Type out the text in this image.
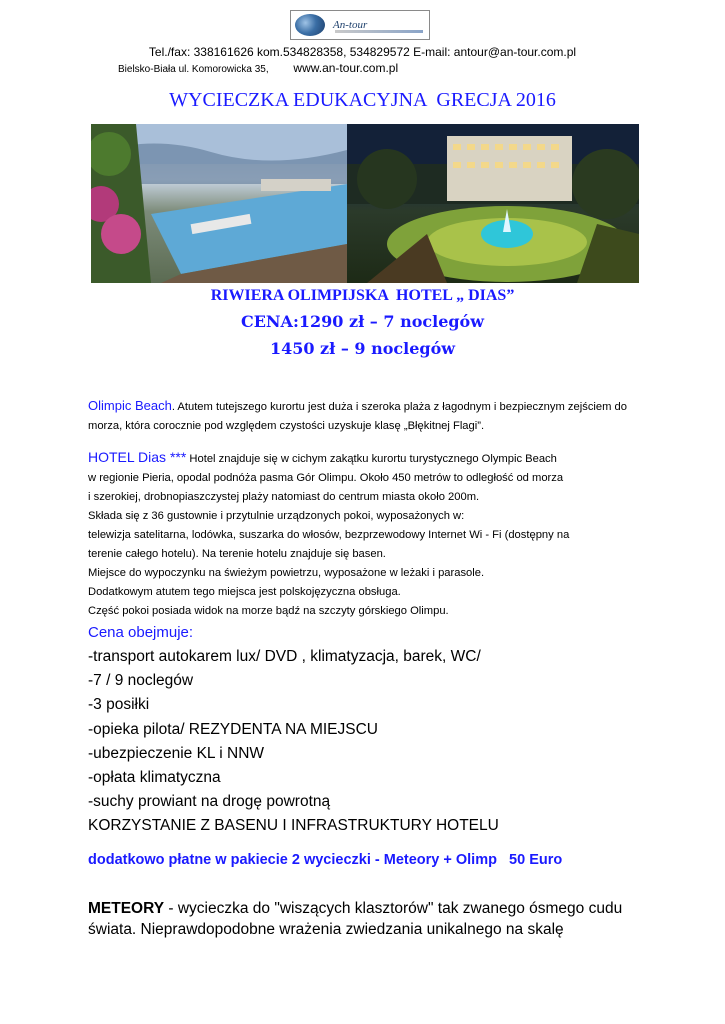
An-tour
Tel./fax: 338161626 kom.534828358, 534829572 E-mail: antour@an-tour.com.pl
Bielsko-Biała ul. Komorowicka 35, www.an-tour.com.pl
WYCIECZKA EDUKACYJNA  GRECJA 2016
RIWIERA OLIMPIJSKA  HOTEL „ DIAS”
CENA:1290 zł – 7 noclegów
1450 zł – 9 noclegów
Olimpic Beach. Atutem tutejszego kurortu jest duża i szeroka plaża z łagodnym i bezpiecznym zejściem do morza, która corocznie pod względem czystości uzyskuje klasę „Błękitnej Flagi”.

HOTEL Dias *** Hotel znajduje się w cichym zakątku kurortu turystycznego Olympic Beach

w regionie Pieria, opodal podnóża pasma Gór Olimpu. Około 450 metrów to odległość od morza

i szerokiej, drobnopiaszczystej plaży natomiast do centrum miasta około 200m.

Składa się z 36 gustownie i przytulnie urządzonych pokoi, wyposażonych w:

telewizja satelitarna, lodówka, suszarka do włosów, bezprzewodowy Internet Wi - Fi (dostępny na

terenie całego hotelu). Na terenie hotelu znajduje się basen.

Miejsce do wypoczynku na świeżym powietrzu, wyposażone w leżaki i parasole.

Dodatkowym atutem tego miejsca jest polskojęzyczna obsługa.

Część pokoi posiada widok na morze bądź na szczyty górskiego Olimpu.

Cena obejmuje:
-transport autokarem lux/ DVD , klimatyzacja, barek, WC/
-7 / 9 noclegów
-3 posiłki
-opieka pilota/ REZYDENTA NA MIEJSCU
-ubezpieczenie KL i NNW
-opłata klimatyczna
-suchy prowiant na drogę powrotną
KORZYSTANIE Z BASENU I INFRASTRUKTURY HOTELU
dodatkowo płatne w pakiecie 2 wycieczki - Meteory + Olimp   50 Euro
METEORY - wycieczka do "wiszących klasztorów" tak zwanego ósmego cudu świata. Nieprawdopodobne wrażenia zwiedzania unikalnego na skalę
